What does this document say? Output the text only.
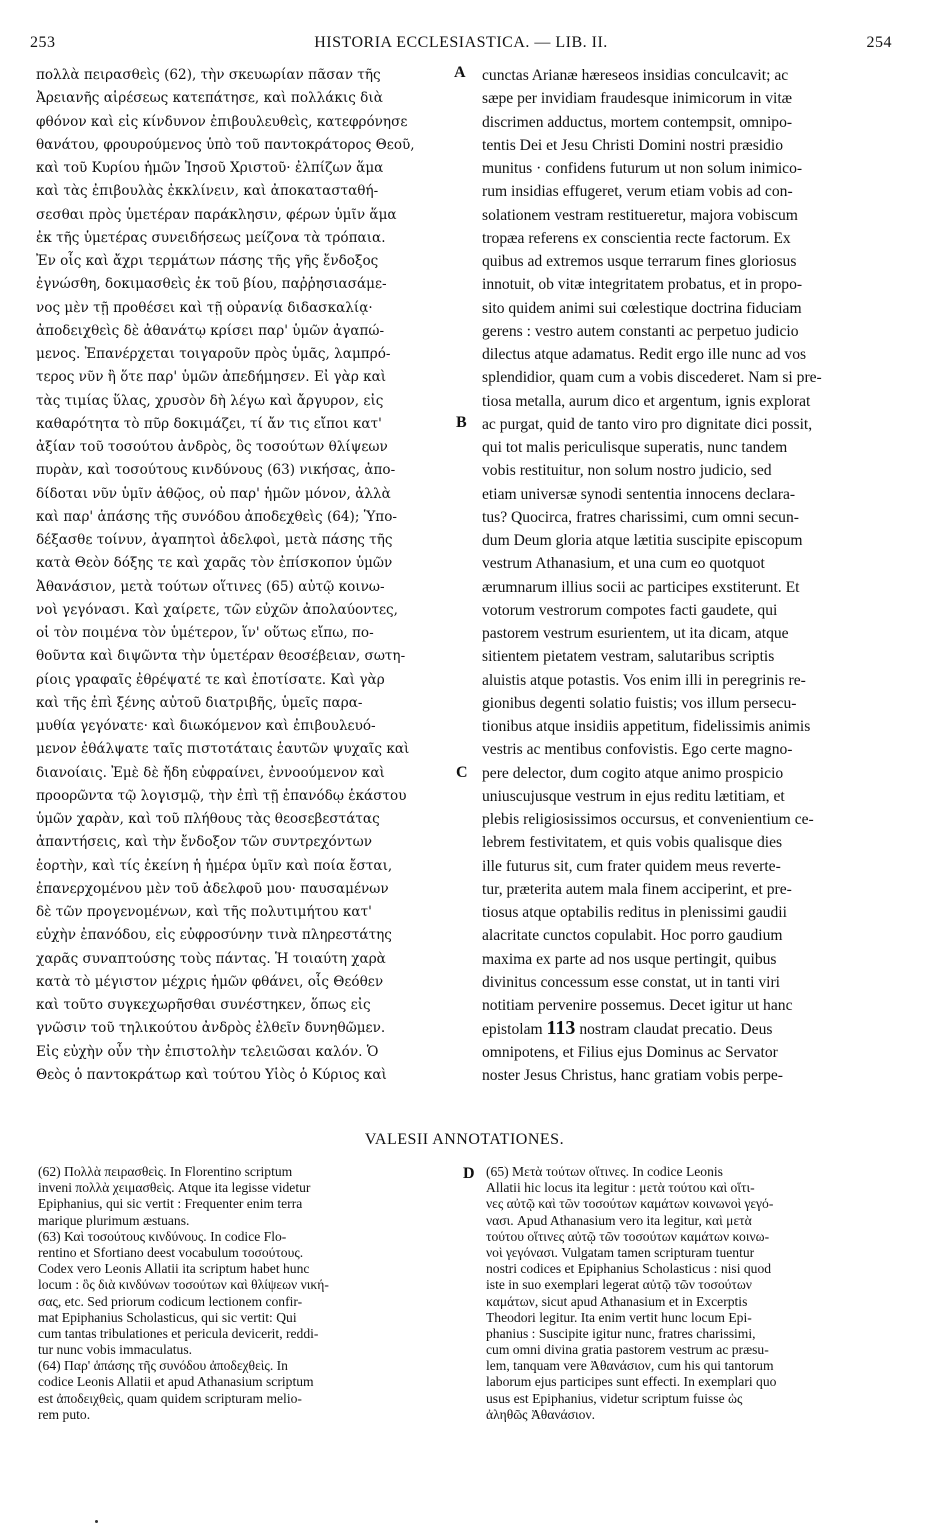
253	HISTORIA ECCLESIASTICA. — LIB. II.	254
πολλὰ πειρασθεὶς (62), τὴν σκευωρίαν πᾶσαν τῆς
Ἀρειανῆς αἱρέσεως κατεπάτησε, καὶ πολλάκις διὰ
φθόνον καὶ εἰς κίνδυνον ἐπιβουλευθεὶς, κατεφρόνησε
θανάτου, φρουρούμενος ὑπὸ τοῦ παντοκράτορος Θεοῦ,
καὶ τοῦ Κυρίου ἡμῶν Ἰησοῦ Χριστοῦ· ἐλπίζων ἅμα
καὶ τὰς ἐπιβουλὰς ἐκκλίνειν, καὶ ἀποκατασταθή-
σεσθαι πρὸς ὑμετέραν παράκλησιν, φέρων ὑμῖν ἅμα
ἐκ τῆς ὑμετέρας συνειδήσεως μείζονα τὰ τρόπαια.
Ἐν οἷς καὶ ἄχρι τερμάτων πάσης τῆς γῆς ἔνδοξος
ἐγνώσθη, δοκιμασθεὶς ἐκ τοῦ βίου, παῤῥησιασάμε-
νος μὲν τῇ προθέσει καὶ τῇ οὐρανίᾳ διδασκαλίᾳ·
ἀποδειχθεὶς δὲ ἀθανάτῳ κρίσει παρ' ὑμῶν ἀγαπώ-
μενος. Ἐπανέρχεται τοιγαροῦν πρὸς ὑμᾶς, λαμπρό-
τερος νῦν ἢ ὅτε παρ' ὑμῶν ἀπεδήμησεν. Εἰ γὰρ καὶ
τὰς τιμίας ὕλας, χρυσὸν δὴ λέγω καὶ ἄργυρον, εἰς
καθαρότητα τὸ πῦρ δοκιμάζει, τί ἄν τις εἴποι κατ'
ἀξίαν τοῦ τοσούτου ἀνδρὸς, ὃς τοσούτων θλίψεων
πυρὰν, καὶ τοσούτους κινδύνους (63) νικήσας, ἀπο-
δίδοται νῦν ὑμῖν ἀθῷος, οὐ παρ' ἡμῶν μόνον, ἀλλὰ
καὶ παρ' ἁπάσης τῆς συνόδου ἀποδεχθεὶς (64); Ὑπο-
δέξασθε τοίνυν, ἀγαπητοὶ ἀδελφοὶ, μετὰ πάσης τῆς
κατὰ Θεὸν δόξης τε καὶ χαρᾶς τὸν ἐπίσκοπον ὑμῶν
Ἀθανάσιον, μετὰ τούτων οἵτινες (65) αὐτῷ κοινω-
νοὶ γεγόνασι. Καὶ χαίρετε, τῶν εὐχῶν ἀπολαύοντες,
οἱ τὸν ποιμένα τὸν ὑμέτερον, ἵν' οὕτως εἴπω, πο-
θοῦντα καὶ διψῶντα τὴν ὑμετέραν θεοσέβειαν, σωτη-
ρίοις γραφαῖς ἐθρέψατέ τε καὶ ἐποτίσατε. Καὶ γὰρ
καὶ τῆς ἐπὶ ξένης αὐτοῦ διατριβῆς, ὑμεῖς παρα-
μυθία γεγόνατε· καὶ διωκόμενον καὶ ἐπιβουλευό-
μενον ἐθάλψατε ταῖς πιστοτάταις ἑαυτῶν ψυχαῖς καὶ
διανοίαις. Ἐμὲ δὲ ἤδη εὐφραίνει, ἐννοούμενον καὶ
προορῶντα τῷ λογισμῷ, τὴν ἐπὶ τῇ ἐπανόδῳ ἑκάστου
ὑμῶν χαρὰν, καὶ τοῦ πλήθους τὰς θεοσεβεστάτας
ἀπαντήσεις, καὶ τὴν ἔνδοξον τῶν συντρεχόντων
ἑορτὴν, καὶ τίς ἐκείνη ἡ ἡμέρα ὑμῖν καὶ ποία ἔσται,
ἐπανερχομένου μὲν τοῦ ἀδελφοῦ μου· παυσαμένων
δὲ τῶν προγενομένων, καὶ τῆς πολυτιμήτου κατ'
εὐχὴν ἐπανόδου, εἰς εὐφροσύνην τινὰ πληρεστάτης
χαρᾶς συναπτούσης τοὺς πάντας. Ἡ τοιαύτη χαρὰ
κατὰ τὸ μέγιστον μέχρις ἡμῶν φθάνει, οἷς Θεόθεν
καὶ τοῦτο συγκεχωρῆσθαι συνέστηκεν, ὅπως εἰς
γνῶσιν τοῦ τηλικούτου ἀνδρὸς ἐλθεῖν δυνηθῶμεν.
Εἰς εὐχὴν οὖν τὴν ἐπιστολὴν τελειῶσαι καλόν. Ὁ
Θεὸς ὁ παντοκράτωρ καὶ τούτου Υἱὸς ὁ Κύριος καὶ
cunctas Arianæ hæreseos insidias conculcavit; ac
sæpe per invidiam fraudesque inimicorum in vitæ
discrimen adductus, mortem contempsit, omnipo-
tentis Dei et Jesu Christi Domini nostri præsidio
munitus · confidens futurum ut non solum inimico-
rum insidias effugeret, verum etiam vobis ad con-
solationem vestram restitueretur, majora vobiscum
tropæa referens ex conscientia recte factorum. Ex
quibus ad extremos usque terrarum fines gloriosus
innotuit, ob vitæ integritatem probatus, et in propo-
sito quidem animi sui cœlestique doctrina fiduciam
gerens : vestro autem constanti ac perpetuo judicio
dilectus atque adamatus. Redit ergo ille nunc ad vos
splendidior, quam cum a vobis discederet. Nam si pre-
tiosa metalla, aurum dico et argentum, ignis explorat
ac purgat, quid de tanto viro pro dignitate dici possit,
qui tot malis periculisque superatis, nunc tandem
vobis restituitur, non solum nostro judicio, sed
etiam universæ synodi sententia innocens declara-
tus? Quocirca, fratres charissimi, cum omni secun-
dum Deum gloria atque lætitia suscipite episcopum
vestrum Athanasium, et una cum eo quotquot
ærumnarum illius socii ac participes exstiterunt. Et
votorum vestrorum compotes facti gaudete, qui
pastorem vestrum esurientem, ut ita dicam, atque
sitientem pietatem vestram, salutaribus scriptis
aluistis atque potastis. Vos enim illi in peregrinis re-
gionibus degenti solatio fuistis; vos illum persecu-
tionibus atque insidiis appetitum, fidelissimis animis
vestris ac mentibus confovistis. Ego certe magno-
pere delector, dum cogito atque animo prospicio
uniuscujusque vestrum in ejus reditu lætitiam, et
plebis religiosissimos occursus, et convenientium ce-
lebrem festivitatem, et quis vobis qualisque dies
ille futurus sit, cum frater quidem meus reverte-
tur, præterita autem mala finem acciperint, et pre-
tiosus atque optabilis reditus in plenissimi gaudii
alacritate cunctos copulabit. Hoc porro gaudium
maxima ex parte ad nos usque pertingit, quibus
divinitus concessum esse constat, ut in tanti viri
notitiam pervenire possemus. Decet igitur ut hanc
epistolam 113 nostram claudat precatio. Deus
omnipotens, et Filius ejus Dominus ac Servator
noster Jesus Christus, hanc gratiam vobis perpe-
A
B
C
D
VALESII ANNOTATIONES.
(62) Πολλὰ πειρασθεὶς. In Florentino scriptum
inveni πολλὰ χειμασθεὶς. Atque ita legisse videtur
Epiphanius, qui sic vertit : Frequenter enim terra
marique plurimum æstuans.
(63) Καὶ τοσούτους κινδύνους. In codice Flo-
rentino et Sfortiano deest vocabulum τοσούτους.
Codex vero Leonis Allatii ita scriptum habet hunc
locum : ὃς διὰ κινδύνων τοσούτων καὶ θλίψεων νική-
σας, etc. Sed priorum codicum lectionem confir-
mat Epiphanius Scholasticus, qui sic vertit: Qui
cum tantas tribulationes et pericula devicerit, reddi-
tur nunc vobis immaculatus.
(64) Παρ' ἁπάσης τῆς συνόδου ἀποδεχθεὶς. In
codice Leonis Allatii et apud Athanasium scriptum
est ἀποδειχθεὶς, quam quidem scripturam melio-
rem puto.
(65) Μετὰ τούτων οἵτινες. In codice Leonis
Allatii hic locus ita legitur : μετὰ τούτου καὶ οἵτι-
νες αὐτῷ καὶ τῶν τοσούτων καμάτων κοινωνοὶ γεγό-
νασι. Apud Athanasium vero ita legitur, καὶ μετὰ
τούτου οἵτινες αὐτῷ τῶν τοσούτων καμάτων κοινω-
νοὶ γεγόνασι. Vulgatam tamen scripturam tuentur
nostri codices et Epiphanius Scholasticus : nisi quod
iste in suo exemplari legerat αὐτῷ τῶν τοσούτων
καμάτων, sicut apud Athanasium et in Excerptis
Theodori legitur. Ita enim vertit hunc locum Epi-
phanius : Suscipite igitur nunc, fratres charissimi,
cum omni divina gratia pastorem vestrum ac præsu-
lem, tanquam vere Ἀθανάσιον, cum his qui tantorum
laborum ejus participes sunt effecti. In exemplari quo
usus est Epiphanius, videtur scriptum fuisse ὡς
ἀληθῶς Ἀθανάσιον.
